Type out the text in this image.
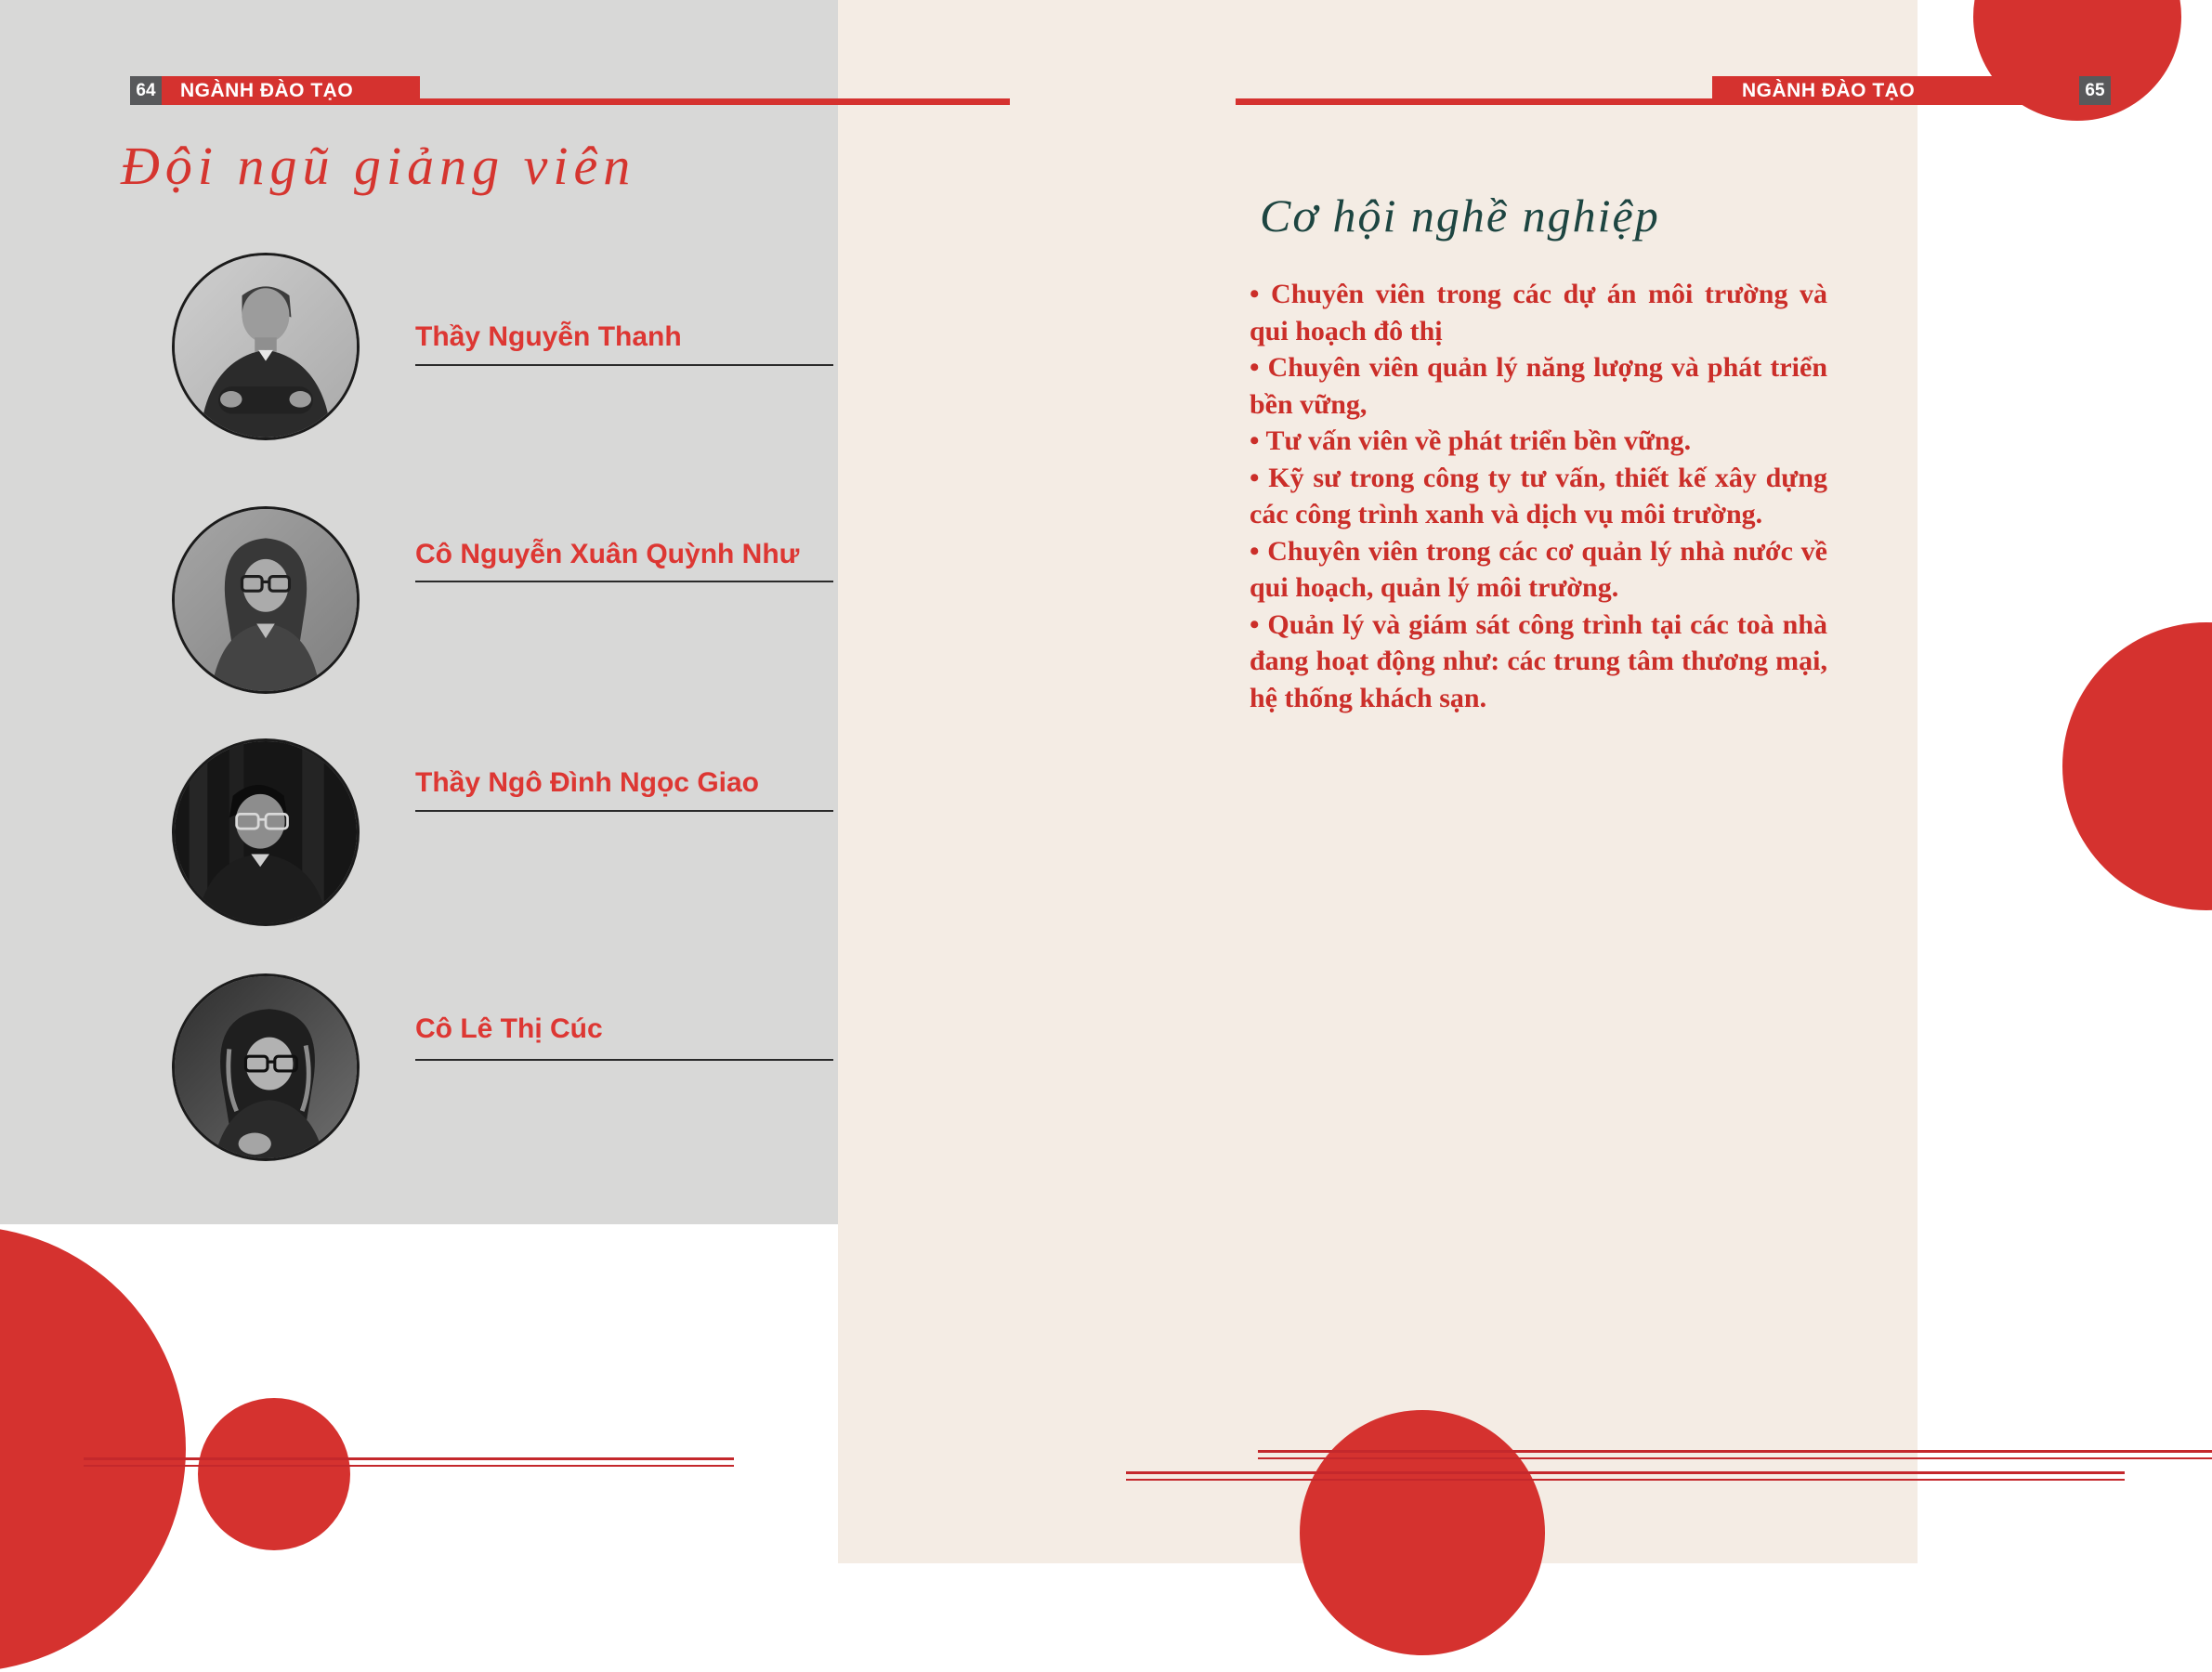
64 NGÀNH ĐÀO TẠO	NGÀNH ĐÀO TẠO	65
Đội ngũ giảng viên
Thầy Nguyễn Thanh
Cô Nguyễn Xuân Quỳnh Như
Thầy Ngô Đình Ngọc Giao
Cô Lê Thị Cúc
Cơ hội nghề nghiệp

• Chuyên viên trong các dự án môi trường và qui hoạch đô thị

• Chuyên viên quản lý năng lượng và phát triển bền vững,

• Tư vấn viên về phát triển bền vững.

• Kỹ sư trong công ty tư vấn, thiết kế xây dựng các công trình xanh và dịch vụ môi trường.

• Chuyên viên trong các cơ quản lý nhà nước về qui hoạch, quản lý môi trường.

• Quản lý và giám sát công trình tại các toà nhà đang hoạt động như: các trung tâm thương mại, hệ thống khách sạn.
